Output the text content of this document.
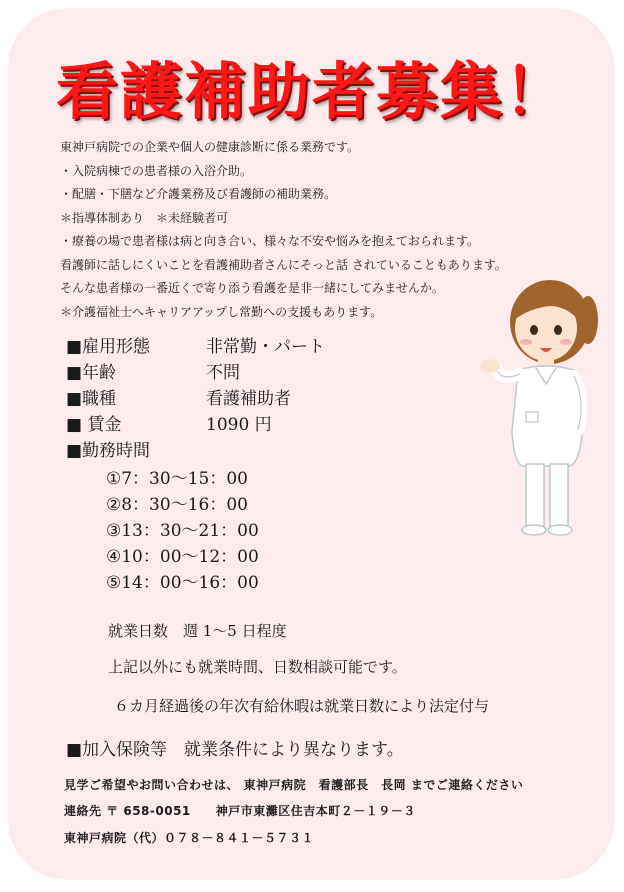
看護補助者募集！
東神戸病院での企業や個人の健康診断に係る業務です。
・入院病棟での患者様の入浴介助。
・配膳・下膳など介護業務及び看護師の補助業務。
＊指導体制あり　＊未経験者可
・療養の場で患者様は病と向き合い、様々な不安や悩みを抱えておられます。
看護師に話しにくいことを看護補助者さんにそっと話 されていることもあります。
そんな患者様の一番近くで寄り添う看護を是非一緒にしてみませんか。
＊介護福祉士へキャリアアップし常勤への支援もあります。
■雇用形態	非常勤・パート
■年齢	不問
■職種	看護補助者
■ 賃金	1090 円
■勤務時間
①7：30〜15：00
②8：30〜16：00
③13：30〜21：00
④10：00〜12：00
⑤14：00〜16：00
就業日数　週 1〜5 日程度
上記以外にも就業時間、日数相談可能です。
６カ月経過後の年次有給休暇は就業日数により法定付与
■加入保険等　就業条件により異なります。
見学ご希望やお問い合わせは、 東神戸病院　看護部長　長岡 までご連絡ください
連絡先 〒 658-0051　　神戸市東灘区住吉本町２－１９－３
東神戸病院（代）０７８－８４１－５７３１
